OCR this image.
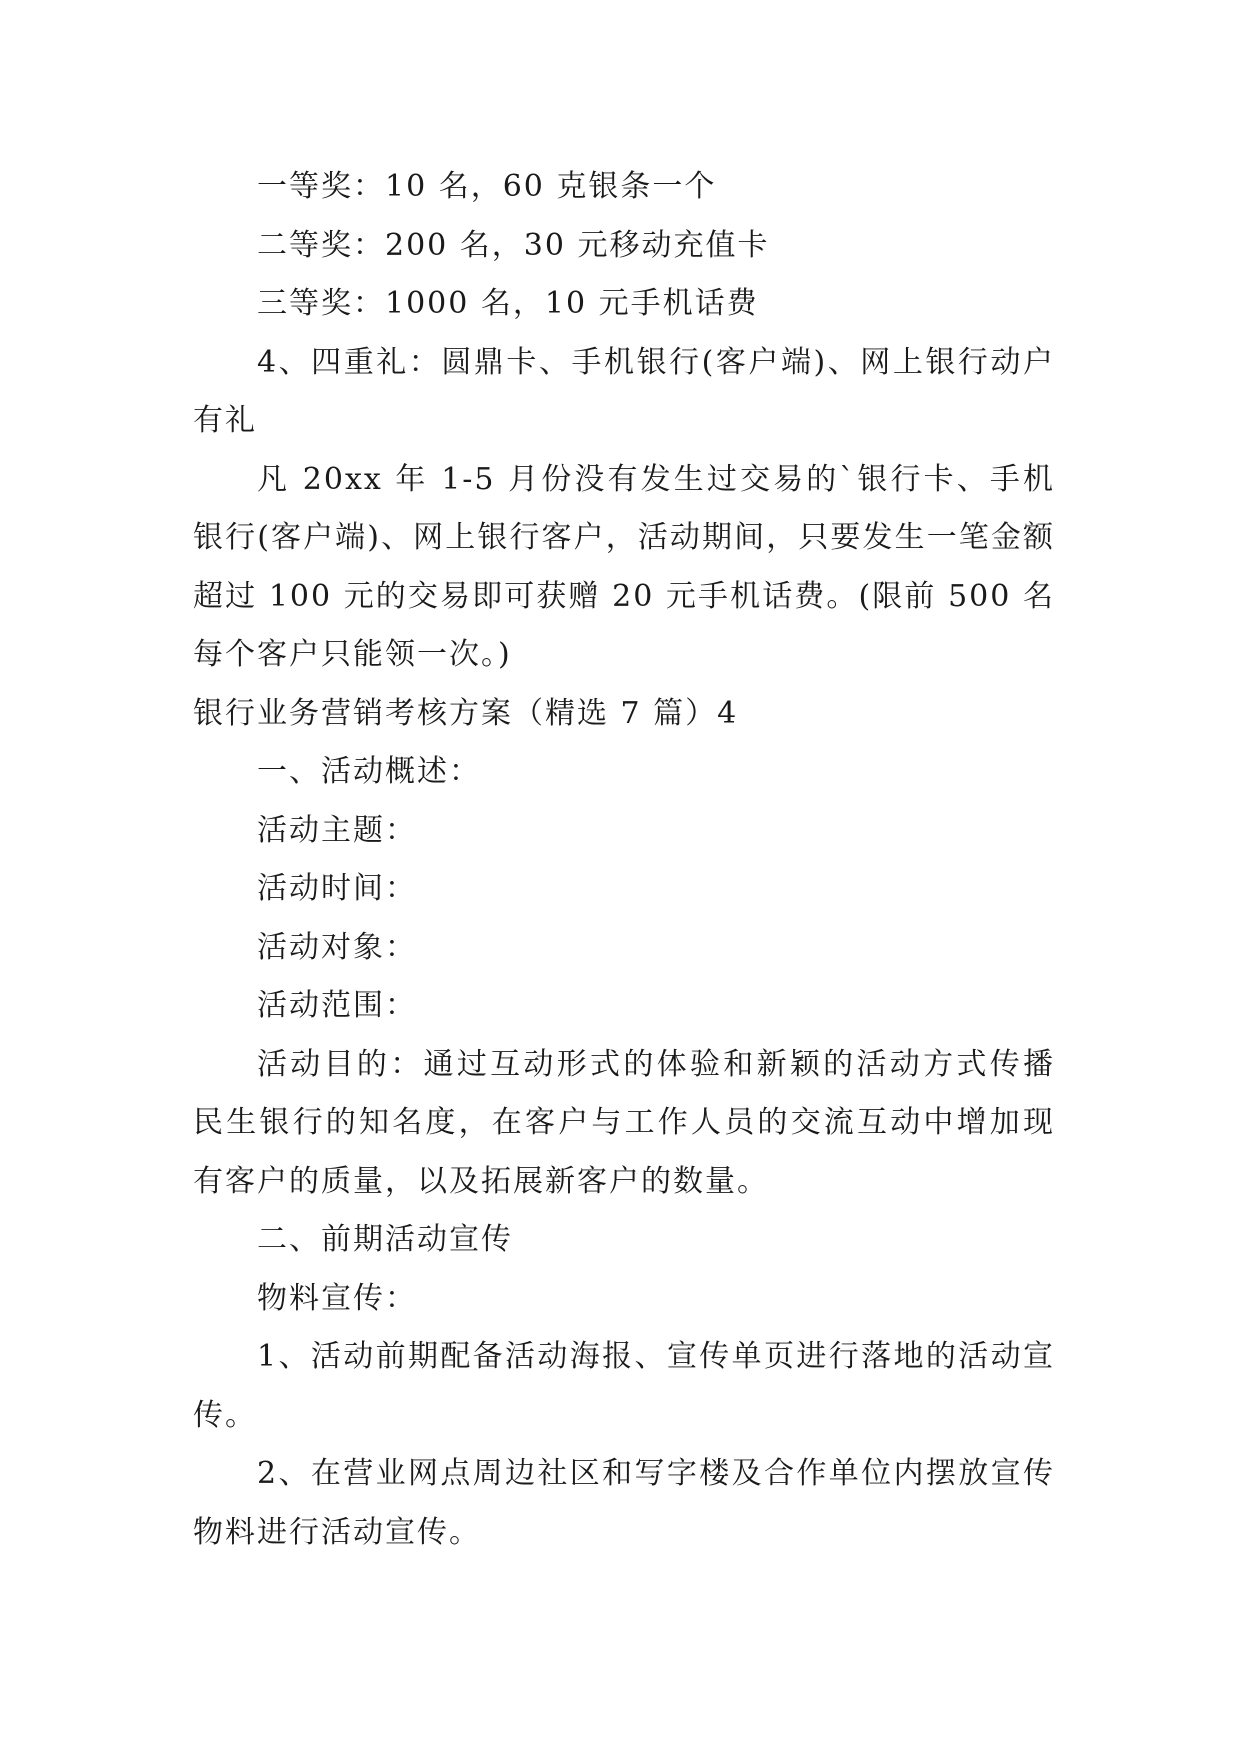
一等奖：10 名，60 克银条一个

二等奖：200 名，30 元移动充值卡

三等奖：1000 名，10 元手机话费

4、四重礼：圆鼎卡、手机银行(客户端)、网上银行动户有礼

凡 20xx 年 1-5 月份没有发生过交易的`银行卡、手机银行(客户端)、网上银行客户，活动期间，只要发生一笔金额超过 100 元的交易即可获赠 20 元手机话费。(限前 500 名每个客户只能领一次。)

银行业务营销考核方案（精选 7 篇）4

一、活动概述：

活动主题：

活动时间：

活动对象：

活动范围：

活动目的：通过互动形式的体验和新颖的活动方式传播民生银行的知名度，在客户与工作人员的交流互动中增加现有客户的质量，以及拓展新客户的数量。

二、前期活动宣传

物料宣传：

1、活动前期配备活动海报、宣传单页进行落地的活动宣传。

2、在营业网点周边社区和写字楼及合作单位内摆放宣传物料进行活动宣传。
